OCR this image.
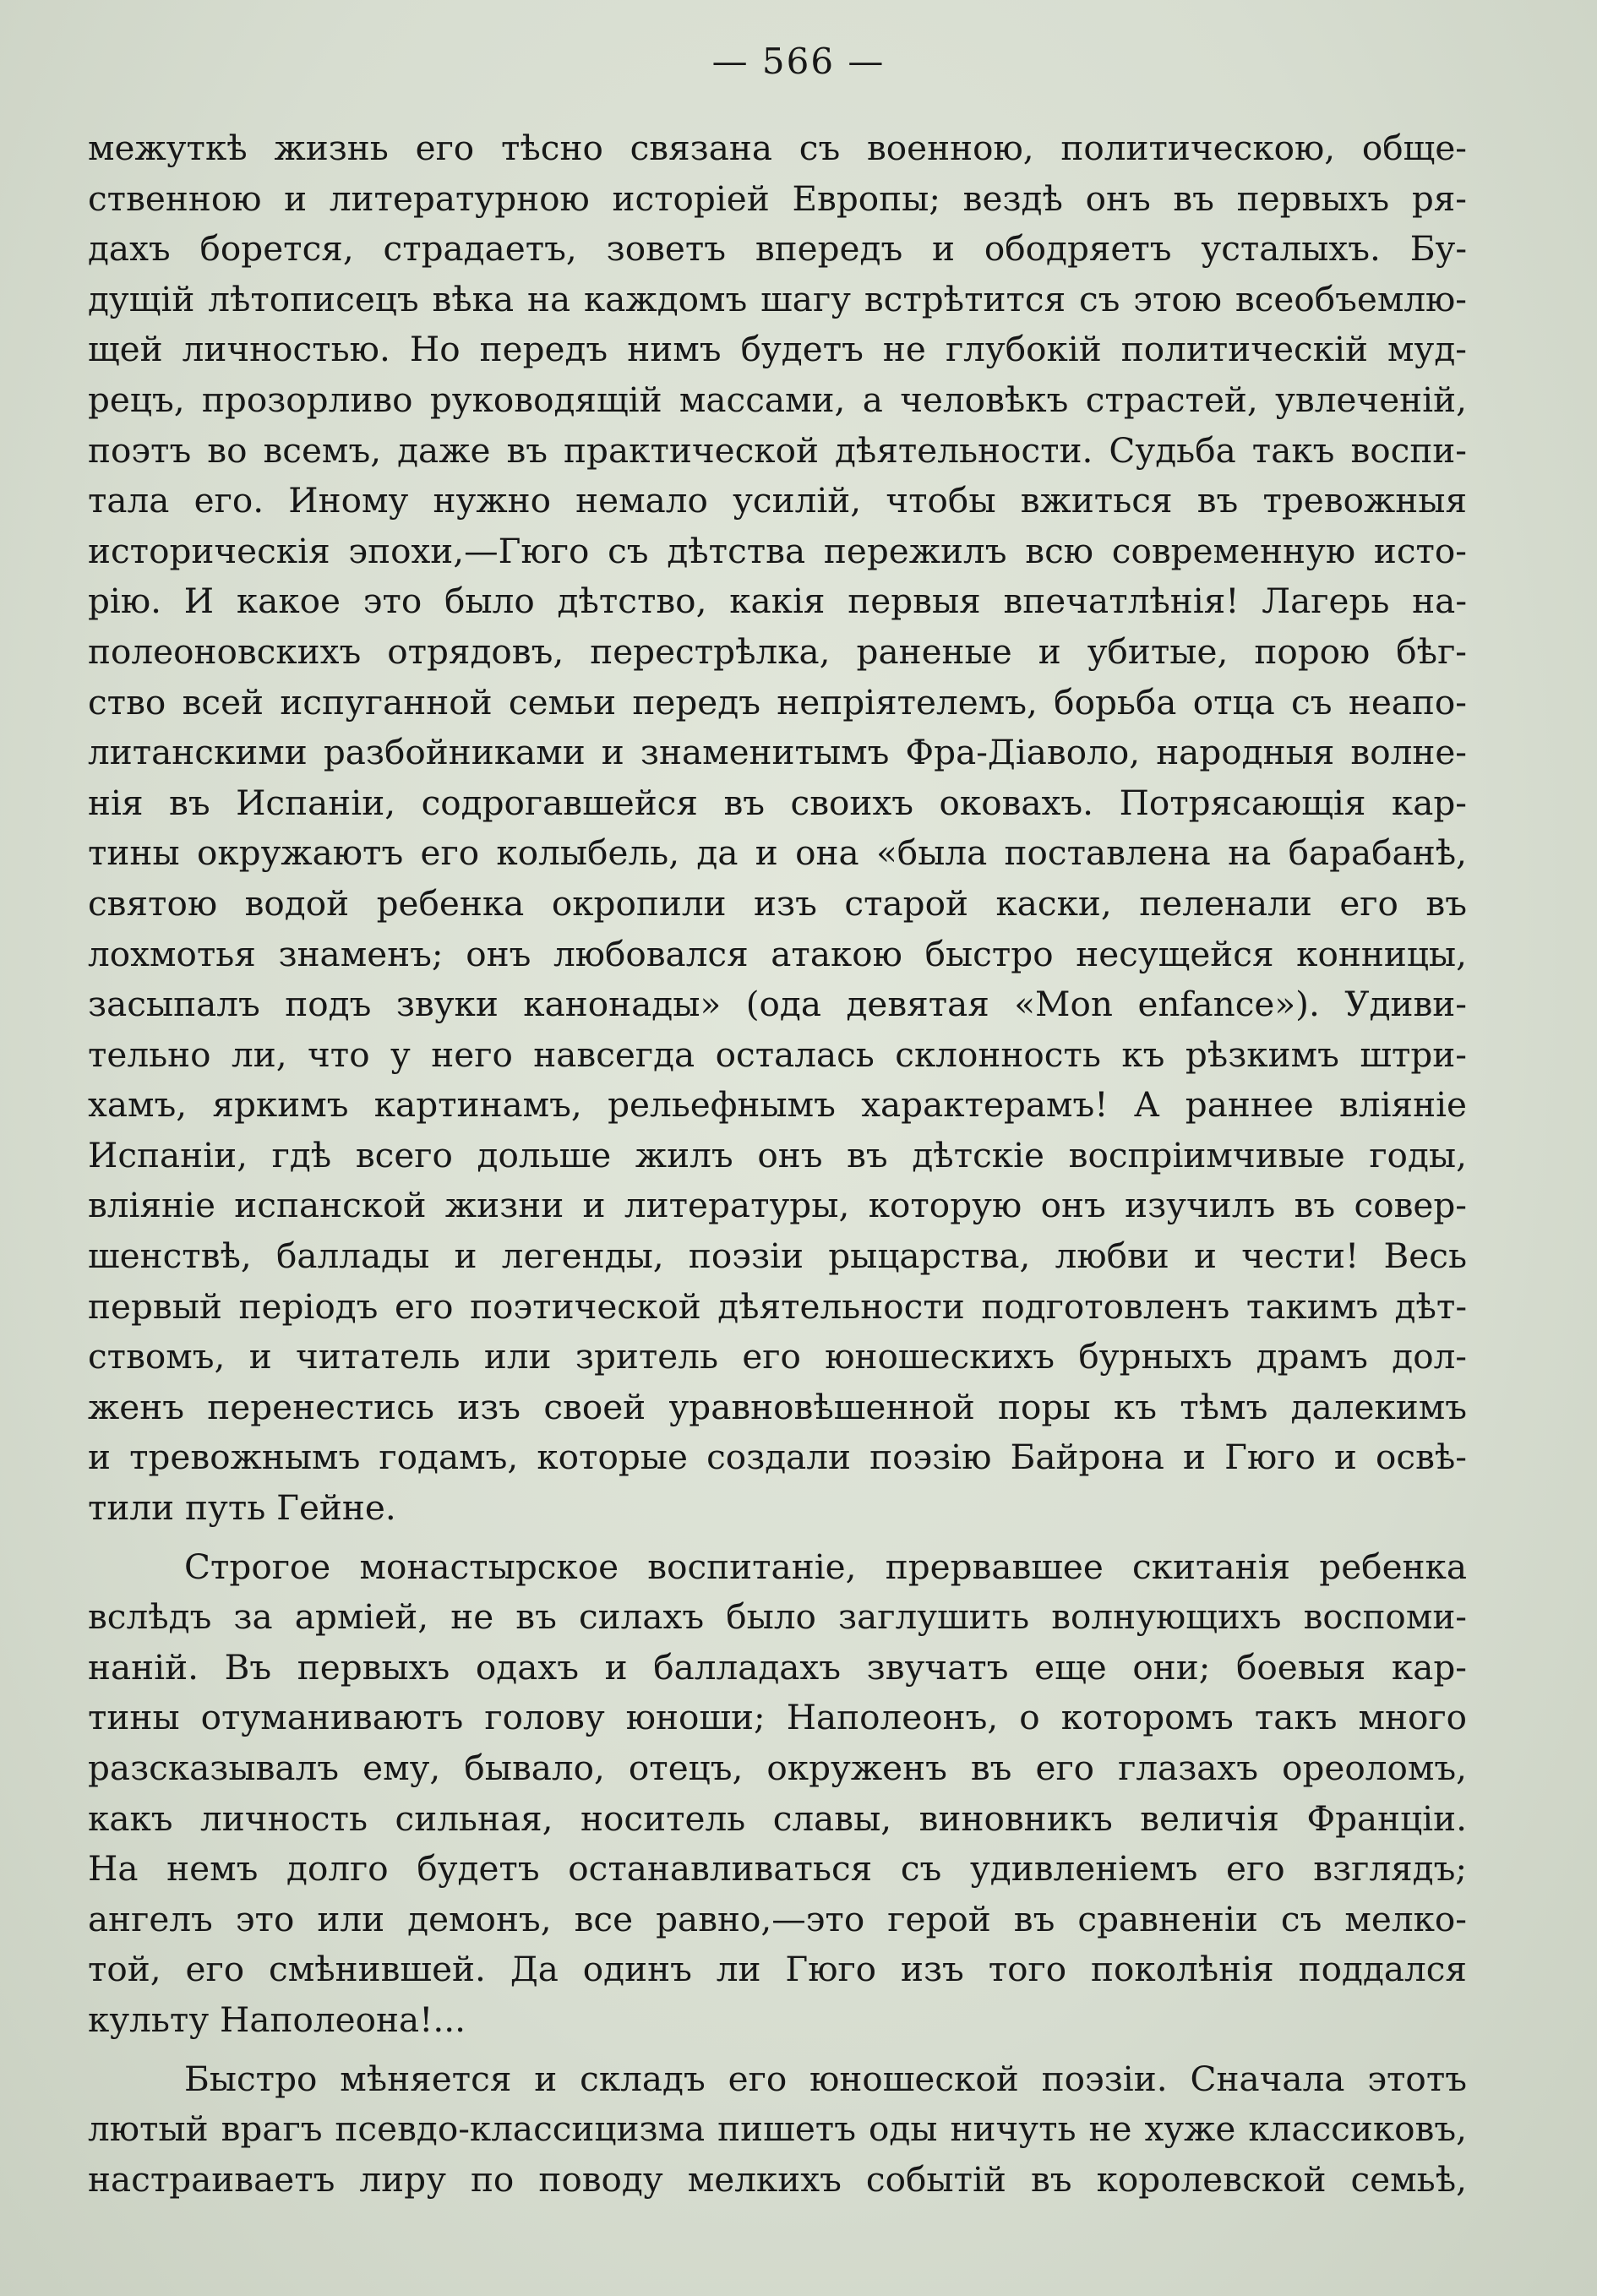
— 566 —
межуткѣ жизнь его тѣсно связана съ военною, политическою, обще-
ственною и литературною исторіей Европы; вездѣ онъ въ первыхъ ря-
дахъ борется, страдаетъ, зоветъ впередъ и ободряетъ усталыхъ. Бу-
дущій лѣтописецъ вѣка на каждомъ шагу встрѣтится съ этою всеобъемлю-
щей личностью. Но передъ нимъ будетъ не глубокій политическій муд-
рецъ, прозорливо руководящій массами, а человѣкъ страстей, увлеченій,
поэтъ во всемъ, даже въ практической дѣятельности. Судьба такъ воспи-
тала его. Иному нужно немало усилій, чтобы вжиться въ тревожныя
историческія эпохи,—Гюго съ дѣтства пережилъ всю современную исто-
рію. И какое это было дѣтство, какія первыя впечатлѣнія! Лагерь на-
полеоновскихъ отрядовъ, перестрѣлка, раненые и убитые, порою бѣг-
ство всей испуганной семьи передъ непріятелемъ, борьба отца съ неапо-
литанскими разбойниками и знаменитымъ Фра-Діаволо, народныя волне-
нія въ Испаніи, содрогавшейся въ своихъ оковахъ. Потрясающія кар-
тины окружаютъ его колыбель, да и она «была поставлена на барабанѣ,
святою водой ребенка окропили изъ старой каски, пеленали его въ
лохмотья знаменъ; онъ любовался атакою быстро несущейся конницы,
засыпалъ подъ звуки канонады» (ода девятая «Mon enfance»). Удиви-
тельно ли, что у него навсегда осталась склонность къ рѣзкимъ штри-
хамъ, яркимъ картинамъ, рельефнымъ характерамъ! А раннее вліяніе
Испаніи, гдѣ всего дольше жилъ онъ въ дѣтскіе воспріимчивые годы,
вліяніе испанской жизни и литературы, которую онъ изучилъ въ совер-
шенствѣ, баллады и легенды, поэзіи рыцарства, любви и чести! Весь
первый періодъ его поэтической дѣятельности подготовленъ такимъ дѣт-
ствомъ, и читатель или зритель его юношескихъ бурныхъ драмъ дол-
женъ перенестись изъ своей уравновѣшенной поры къ тѣмъ далекимъ
и тревожнымъ годамъ, которые создали поэзію Байрона и Гюго и освѣ-
тили путь Гейне.
Строгое монастырское воспитаніе, прервавшее скитанія ребенка
вслѣдъ за арміей, не въ силахъ было заглушить волнующихъ воспоми-
наній. Въ первыхъ одахъ и балладахъ звучатъ еще они; боевыя кар-
тины отуманиваютъ голову юноши; Наполеонъ, о которомъ такъ много
разсказывалъ ему, бывало, отецъ, окруженъ въ его глазахъ ореоломъ,
какъ личность сильная, носитель славы, виновникъ величія Франціи.
На немъ долго будетъ останавливаться съ удивленіемъ его взглядъ;
ангелъ это или демонъ, все равно,—это герой въ сравненіи съ мелко-
той, его смѣнившей. Да одинъ ли Гюго изъ того поколѣнія поддался
культу Наполеона!...
Быстро мѣняется и складъ его юношеской поэзіи. Сначала этотъ
лютый врагъ псевдо-классицизма пишетъ оды ничуть не хуже классиковъ,
настраиваетъ лиру по поводу мелкихъ событій въ королевской семьѣ,
